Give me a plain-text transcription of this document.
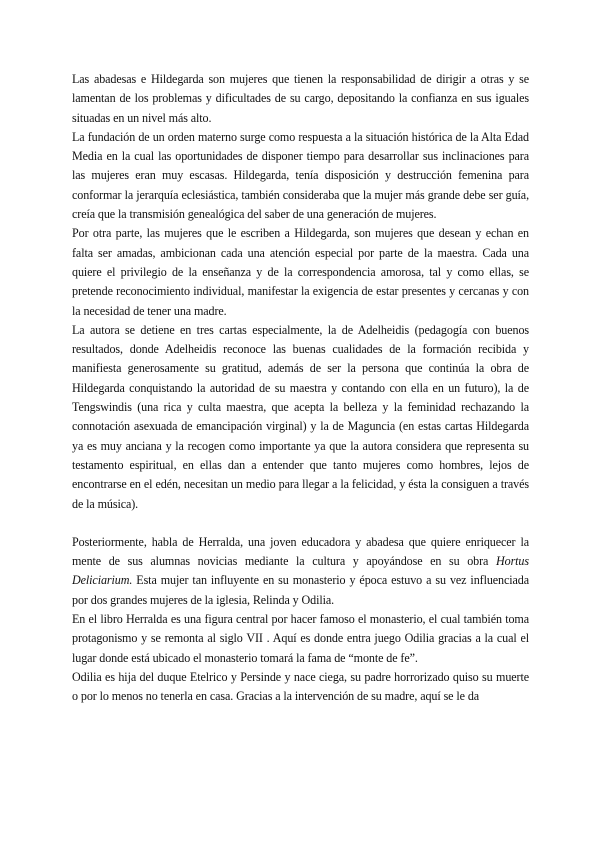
Las abadesas e Hildegarda son mujeres que tienen la responsabilidad de dirigir a otras y se lamentan de los problemas y dificultades de su cargo, depositando la confianza en sus iguales situadas en un nivel más alto.

La fundación de un orden materno surge como respuesta a la situación histórica de la Alta Edad Media en la cual las oportunidades de disponer tiempo para desarrollar sus inclinaciones para las mujeres eran muy escasas. Hildegarda, tenía disposición y destrucción femenina para conformar la jerarquía eclesiástica, también consideraba que la mujer más grande debe ser guía, creía que la transmisión genealógica del saber de una generación de mujeres.

Por otra parte, las mujeres que le escriben a Hildegarda, son mujeres que desean y echan en falta ser amadas, ambicionan cada una atención especial por parte de la maestra. Cada una quiere el privilegio de la enseñanza y de la correspondencia amorosa, tal y como ellas, se pretende reconocimiento individual, manifestar la exigencia de estar presentes y cercanas y con la necesidad de tener una madre.

La autora se detiene en tres cartas especialmente, la de Adelheidis (pedagogía con buenos resultados, donde Adelheidis reconoce las buenas cualidades de la formación recibida y manifiesta generosamente su gratitud, además de ser la persona que continúa la obra de Hildegarda conquistando la autoridad de su maestra y contando con ella en un futuro), la de Tengswindis (una rica y culta maestra, que acepta la belleza y la feminidad rechazando la connotación asexuada de emancipación virginal) y la de Maguncia (en estas cartas Hildegarda ya es muy anciana y la recogen como importante ya que la autora considera que representa su testamento espiritual, en ellas dan a entender que tanto mujeres como hombres, lejos de encontrarse en el edén, necesitan un medio para llegar a la felicidad, y ésta la consiguen a través de la música).

Posteriormente, habla de Herralda, una joven educadora y abadesa que quiere enriquecer la mente de sus alumnas novicias mediante la cultura y apoyándose en su obra Hortus Deliciarium. Esta mujer tan influyente en su monasterio y época estuvo a su vez influenciada por dos grandes mujeres de la iglesia, Relinda y Odilia.

En el libro Herralda es una figura central por hacer famoso el monasterio, el cual también toma protagonismo y se remonta al siglo VII . Aquí es donde entra juego Odilia gracias a la cual el lugar donde está ubicado el monasterio tomará la fama de “monte de fe”.

Odilia es hija del duque Etelrico y Persinde y nace ciega, su padre horrorizado quiso su muerte o por lo menos no tenerla en casa. Gracias a la intervención de su madre, aquí se le da
